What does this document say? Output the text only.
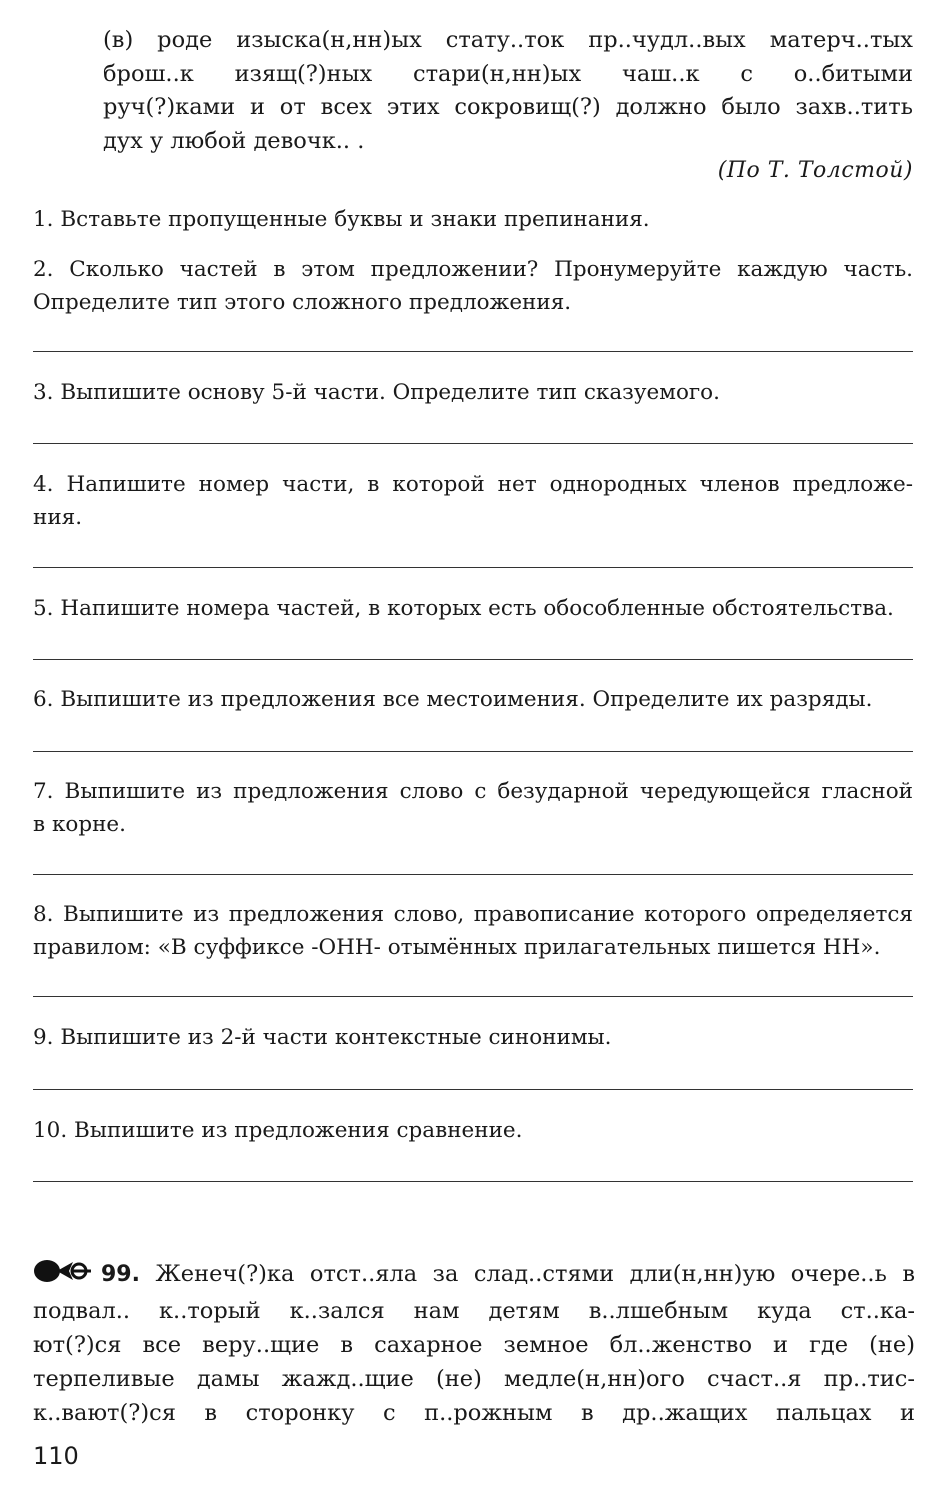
(в) роде изыска(н,нн)ых стату..ток пр..чудл..вых матерч..тых
брош..к изящ(?)ных стари(н,нн)ых чаш..к с о..битыми
руч(?)ками и от всех этих сокровищ(?) должно было захв..тить
дух у любой девочк.. .
(По Т. Толстой)
1. Вставьте пропущенные буквы и знаки препинания.
2. Сколько частей в этом предложении? Пронумеруйте каждую часть.
Определите тип этого сложного предложения.
3. Выпишите основу 5-й части. Определите тип сказуемого.
4. Напишите номер части, в которой нет однородных членов предложе-
ния.
5. Напишите номера частей, в которых есть обособленные обстоятельства.
6. Выпишите из предложения все местоимения. Определите их разряды.
7. Выпишите из предложения слово с безударной чередующейся гласной
в корне.
8. Выпишите из предложения слово, правописание которого определяется
правилом: «В суффиксе -ОНН- отымённых прилагательных пишется НН».
9. Выпишите из 2-й части контекстные синонимы.
10. Выпишите из предложения сравнение.
99. Женеч(?)ка отст..яла за слад..стями дли(н,нн)ую очере..ь в
подвал.. к..торый к..зался нам детям в..лшебным куда ст..ка-
ют(?)ся все веру..щие в сахарное земное бл..женство и где (не)
терпеливые дамы жажд..щие (не) медле(н,нн)ого счаст..я пр..тис-
к..вают(?)ся в сторонку с п..рожным в др..жащих пальцах и
110
